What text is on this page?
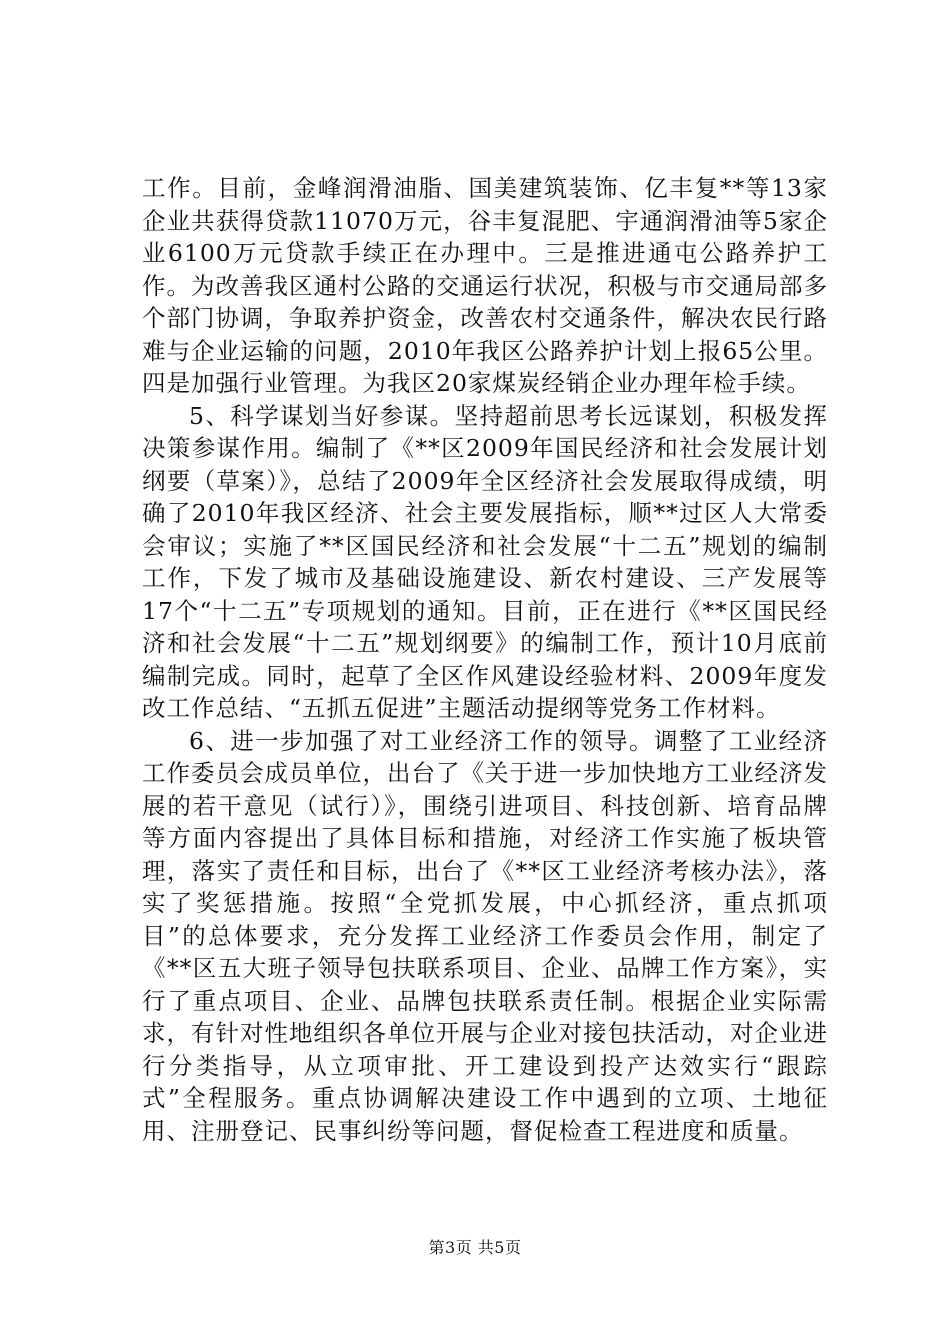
工作。目前，金峰润滑油脂、国美建筑装饰、亿丰复**等13家企业共获得贷款11070万元，谷丰复混肥、宇通润滑油等5家企业6100万元贷款手续正在办理中。三是推进通屯公路养护工作。为改善我区通村公路的交通运行状况，积极与市交通局部多个部门协调，争取养护资金，改善农村交通条件，解决农民行路难与企业运输的问题，2010年我区公路养护计划上报65公里。四是加强行业管理。为我区20家煤炭经销企业办理年检手续。

5、科学谋划当好参谋。坚持超前思考长远谋划，积极发挥决策参谋作用。编制了《**区2009年国民经济和社会发展计划纲要（草案）》，总结了2009年全区经济社会发展取得成绩，明确了2010年我区经济、社会主要发展指标，顺**过区人大常委会审议；实施了**区国民经济和社会发展“十二五”规划的编制工作，下发了城市及基础设施建设、新农村建设、三产发展等17个“十二五”专项规划的通知。目前，正在进行《**区国民经济和社会发展“十二五”规划纲要》的编制工作，预计10月底前编制完成。同时，起草了全区作风建设经验材料、2009年度发改工作总结、“五抓五促进”主题活动提纲等党务工作材料。

6、进一步加强了对工业经济工作的领导。调整了工业经济工作委员会成员单位，出台了《关于进一步加快地方工业经济发展的若干意见（试行）》，围绕引进项目、科技创新、培育品牌等方面内容提出了具体目标和措施，对经济工作实施了板块管理，落实了责任和目标，出台了《**区工业经济考核办法》，落实了奖惩措施。按照“全党抓发展，中心抓经济，重点抓项目”的总体要求，充分发挥工业经济工作委员会作用，制定了《**区五大班子领导包扶联系项目、企业、品牌工作方案》，实行了重点项目、企业、品牌包扶联系责任制。根据企业实际需求，有针对性地组织各单位开展与企业对接包扶活动，对企业进行分类指导，从立项审批、开工建设到投产达效实行“跟踪式”全程服务。重点协调解决建设工作中遇到的立项、土地征用、注册登记、民事纠纷等问题，督促检查工程进度和质量。

第3页 共5页
